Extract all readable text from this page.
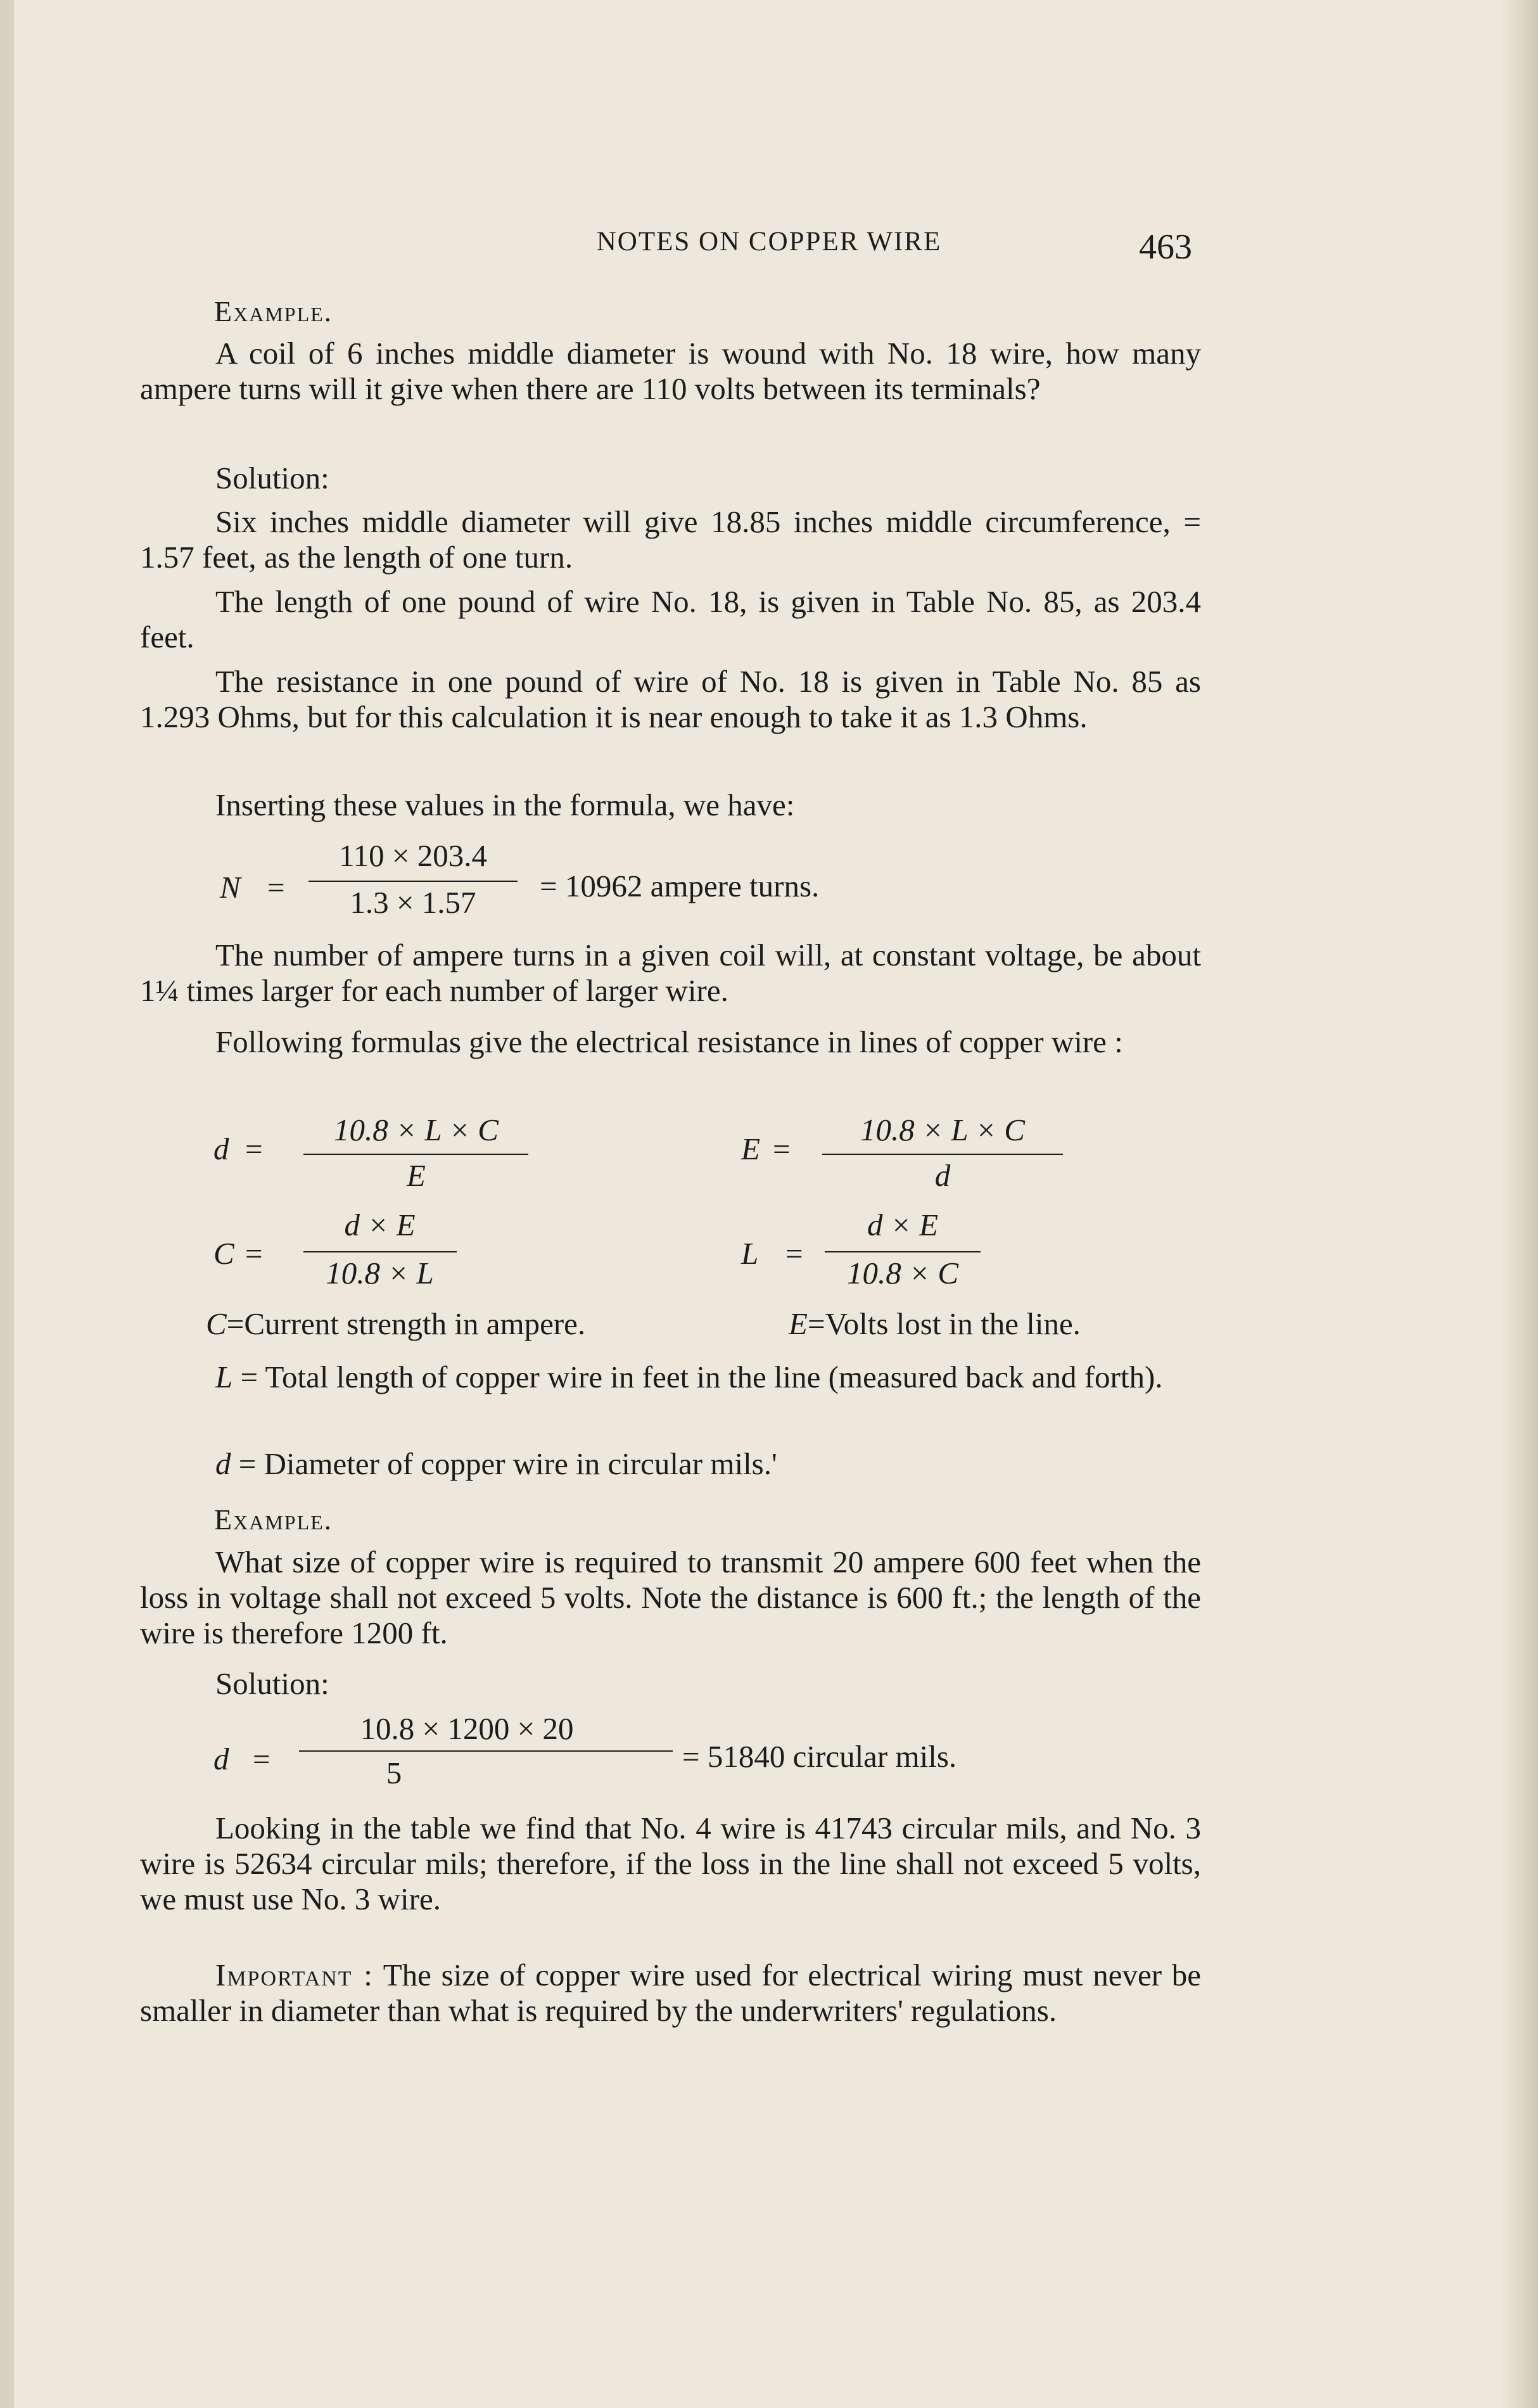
NOTES ON COPPER WIRE	463
Example.
A coil of 6 inches middle diameter is wound with No. 18 wire, how many ampere turns will it give when there are 110 volts between its terminals?
Solution:
Six inches middle diameter will give 18.85 inches middle circumference, = 1.57 feet, as the length of one turn.
The length of one pound of wire No. 18, is given in Table No. 85, as 203.4 feet.
The resistance in one pound of wire of No. 18 is given in Table No. 85 as 1.293 Ohms, but for this calculation it is near enough to take it as 1.3 Ohms.
Inserting these values in the formula, we have:
N =
110 × 203.4
1.3 × 1.57	= 10962 ampere turns.
The number of ampere turns in a given coil will, at constant voltage, be about 1¼ times larger for each number of larger wire.
Following formulas give the electrical resistance in lines of copper wire :
d =
10.8 × L × C
E
E =
10.8 × L × C
d
C =
d × E
10.8 × L
L =
d × E
10.8 × C
C=Current strength in ampere.	E=Volts lost in the line.
L = Total length of copper wire in feet in the line (measured back and forth).
d = Diameter of copper wire in circular mils.'
Example.
What size of copper wire is required to transmit 20 ampere 600 feet when the loss in voltage shall not exceed 5 volts. Note the distance is 600 ft.; the length of the wire is therefore 1200 ft.
Solution:
d =
10.8 × 1200 × 20
5	= 51840 circular mils.
Looking in the table we find that No. 4 wire is 41743 circular mils, and No. 3 wire is 52634 circular mils; therefore, if the loss in the line shall not exceed 5 volts, we must use No. 3 wire.
Important : The size of copper wire used for electrical wiring must never be smaller in diameter than what is required by the underwriters' regulations.
